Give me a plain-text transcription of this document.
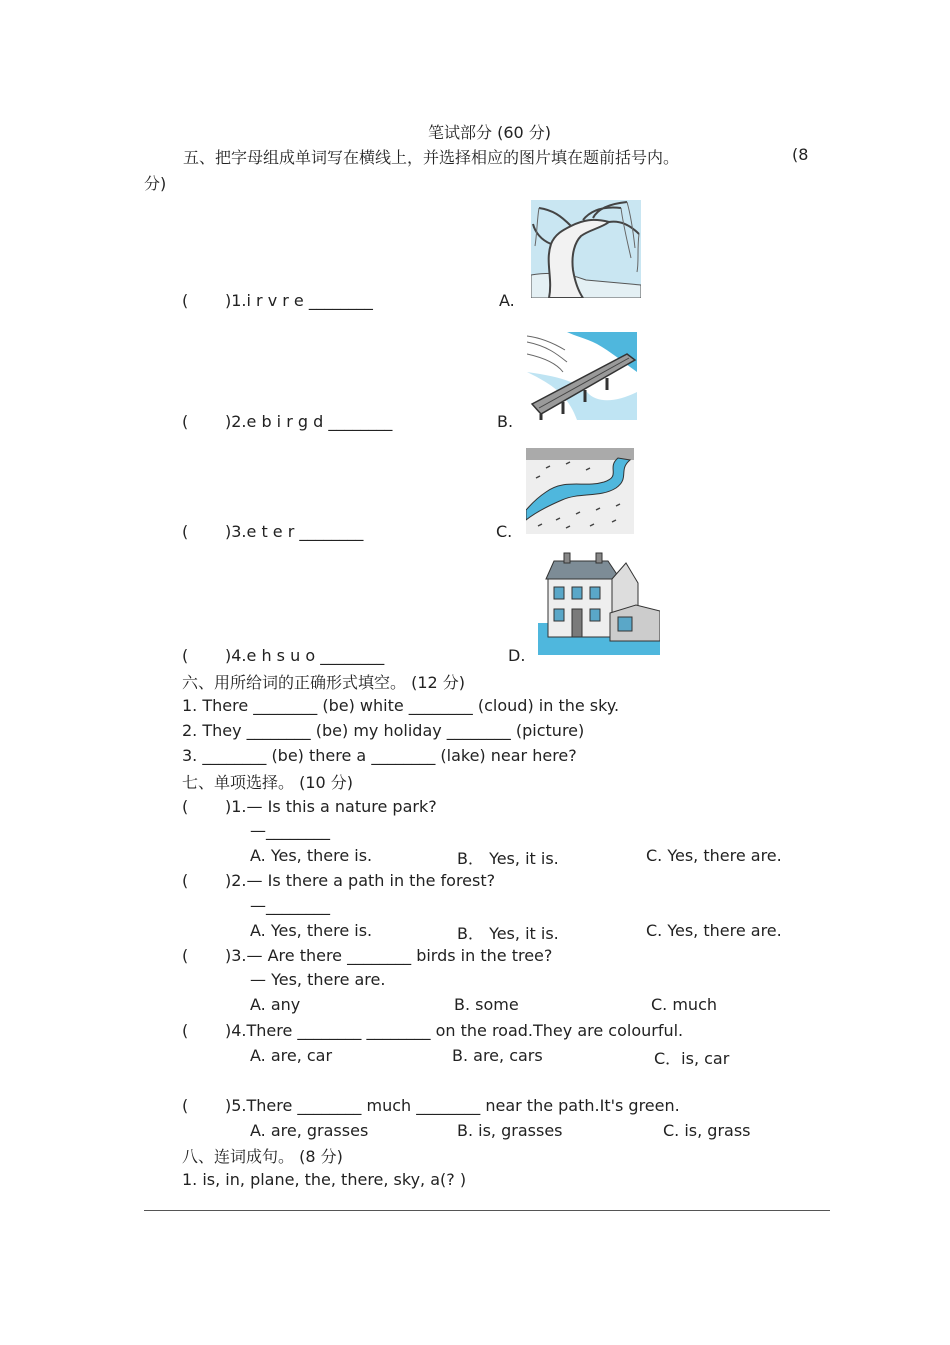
笔试部分 (60 分)
五、把字母组成单词写在横线上，并选择相应的图片填在题前括号内。	(8
分)
( )1.i r v r e ________	A.
( )2.e b i r g d ________	B.
( )3.e t e r ________	C.
( )4.e h s u o ________	D.
六、用所给词的正确形式填空。 (12 分)
1. There ________ (be) white ________ (cloud) in the sky.
2. They ________ (be) my holiday ________ (picture)
3. ________ (be) there a ________ (lake) near here?
七、单项选择。 (10 分)
( )1.— Is this a nature park?
—________
A. Yes, there is.	B． Yes, it is.	C. Yes, there are.
( )2.— Is there a path in the forest?
—________
A. Yes, there is.	B． Yes, it is.	C. Yes, there are.
( )3.— Are there ________ birds in the tree?
— Yes, there are.
A. any	B. some	C. much
( )4.There ________ ________ on the road.They are colourful.
A. are, car	B. are, cars	C．is, car
( )5.There ________ much ________ near the path.It's green.
A. are, grasses	B. is, grasses	C. is, grass
八、连词成句。 (8 分)
1. is, in, plane, the, there, sky, a(? )
